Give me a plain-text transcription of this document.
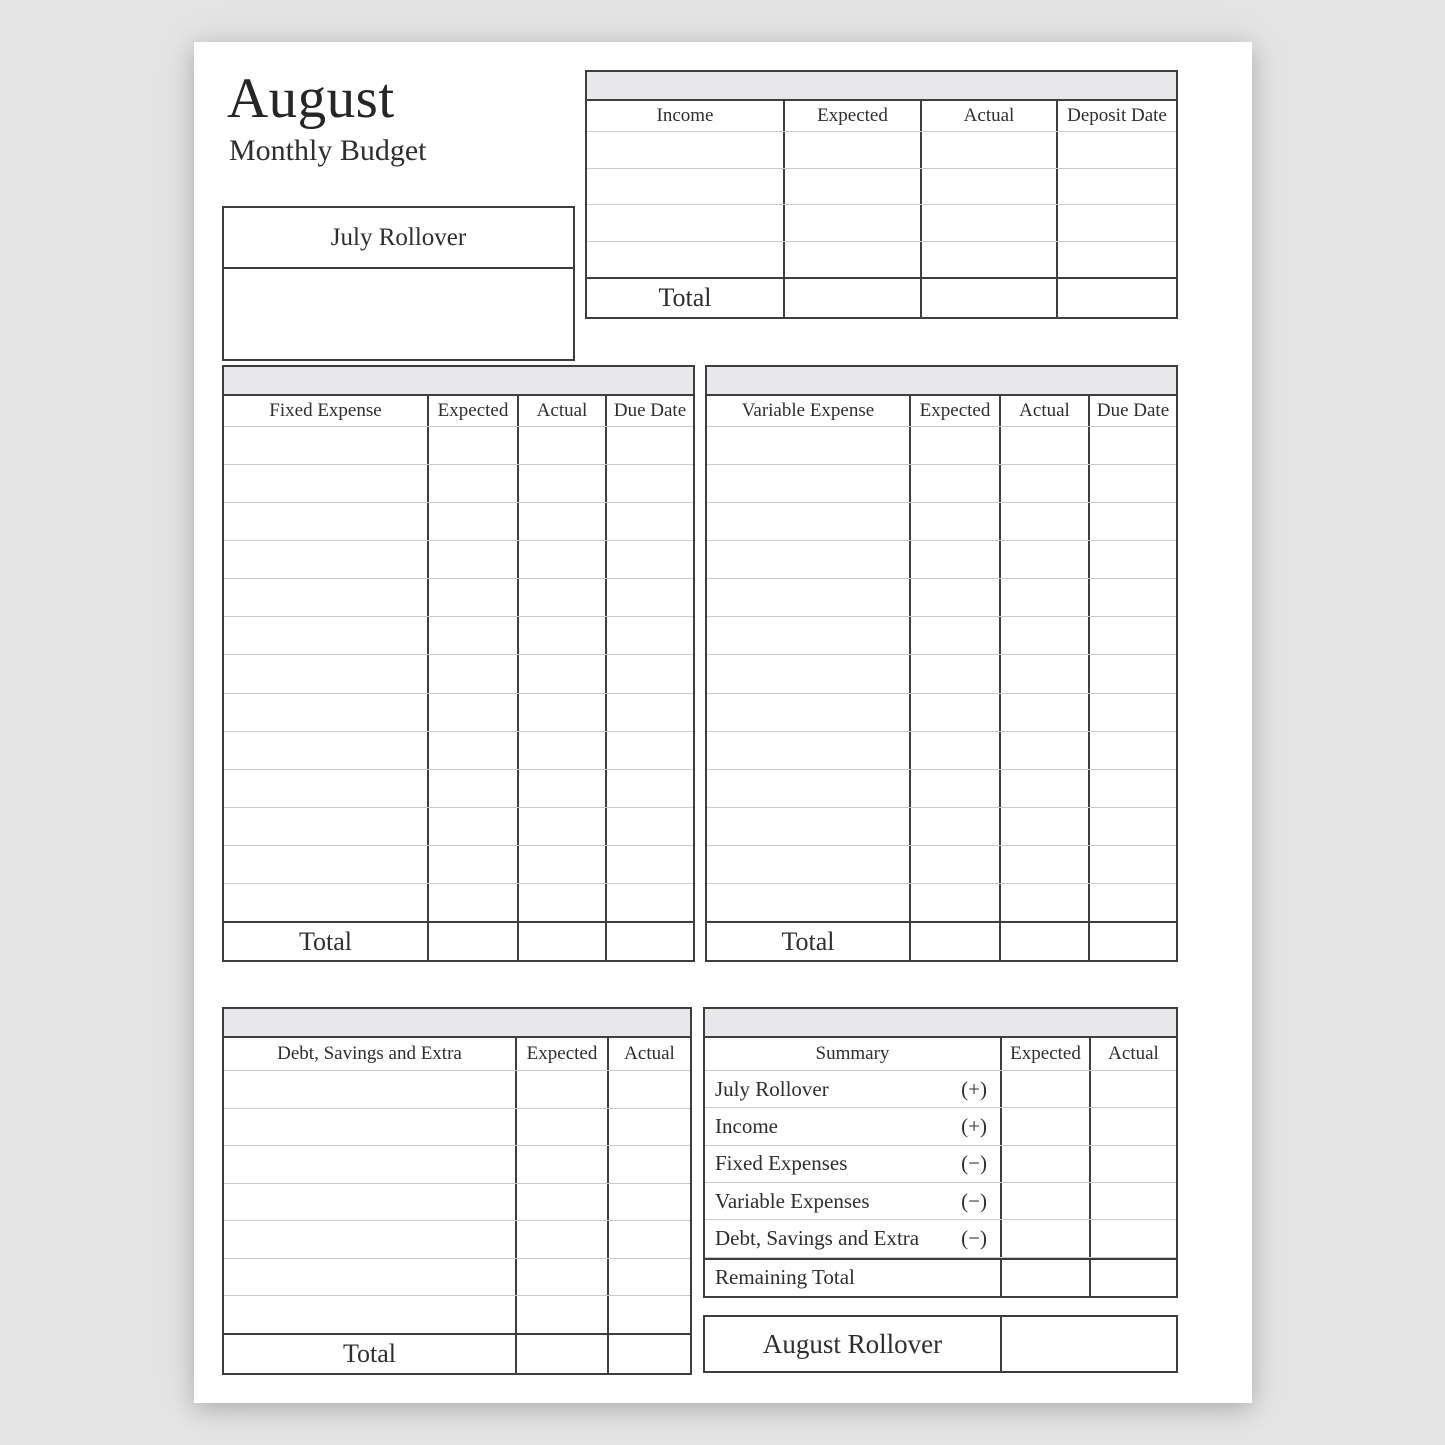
August
Monthly Budget
July Rollover
Income	Expected	Actual	Deposit Date
Total
Fixed Expense	Expected	Actual	Due Date
Total
Variable Expense	Expected	Actual	Due Date
Total
Debt, Savings and Extra	Expected	Actual
Total
Summary	Expected	Actual
July Rollover	(+)
Income	(+)
Fixed Expenses	(−)
Variable Expenses	(−)
Debt, Savings and Extra (−)
Remaining Total
August Rollover
